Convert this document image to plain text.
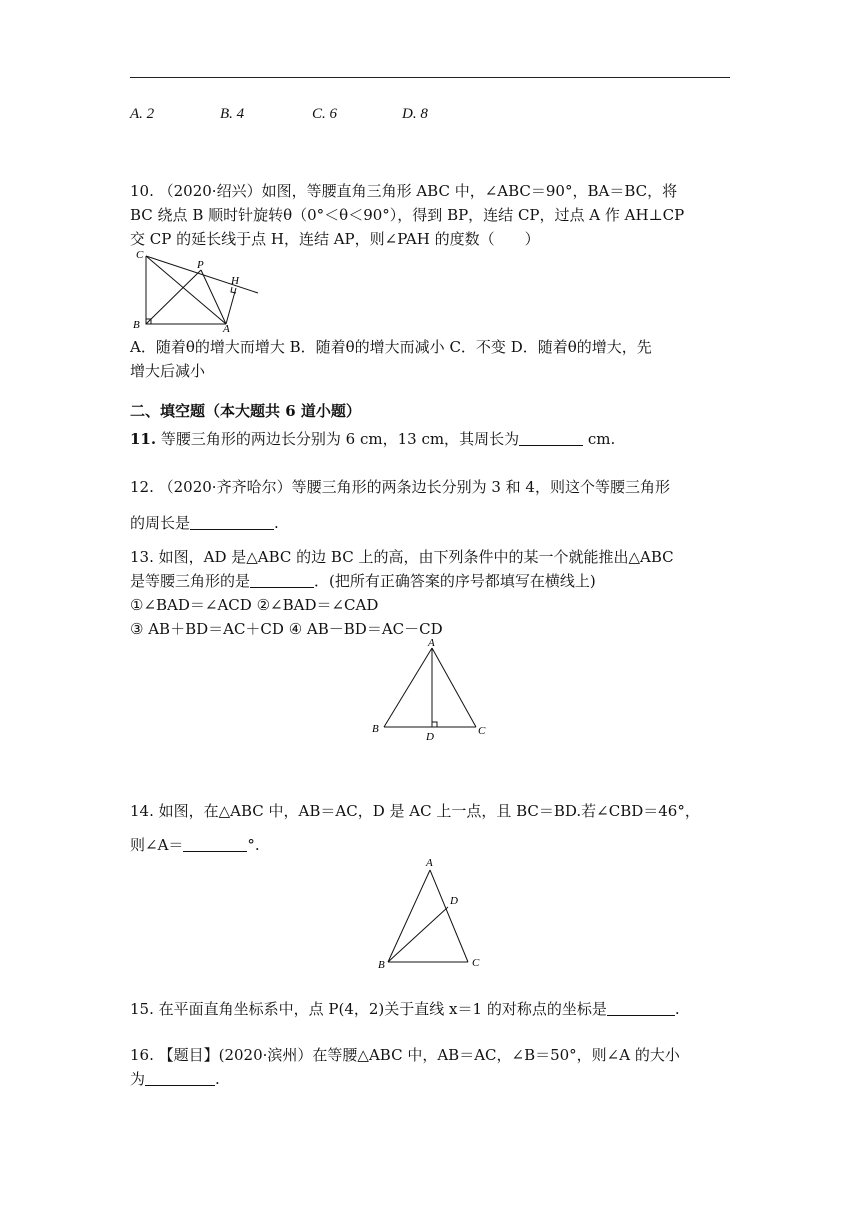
A. 2	B. 4	C. 6	D. 8
10. （2020·绍兴）如图，等腰直角三角形 ABC 中，∠ABC＝90°，BA＝BC，将
BC 绕点 B 顺时针旋转θ（0°＜θ＜90°），得到 BP，连结 CP，过点 A 作 AH⊥CP
交 CP 的延长线于点 H，连结 AP，则∠PAH 的度数（　　）
C
P
H
B	A
A．随着θ的增大而增大 B．随着θ的增大而减小 C．不变 D．随着θ的增大，先
增大后减小
二、填空题（本大题共 6 道小题）
11. 等腰三角形的两边长分别为 6 cm，13 cm，其周长为	cm.
12. （2020·齐齐哈尔）等腰三角形的两条边长分别为 3 和 4，则这个等腰三角形
的周长是	.
13. 如图，AD 是△ABC 的边 BC 上的高，由下列条件中的某一个就能推出△ABC
是等腰三角形的是	．(把所有正确答案的序号都填写在横线上)
①∠BAD＝∠ACD ②∠BAD＝∠CAD
③ AB＋BD＝AC＋CD ④ AB－BD＝AC－CD
A
B
D	C
14. 如图，在△ABC 中，AB＝AC，D 是 AC 上一点，且 BC＝BD.若∠CBD＝46°，
则∠A＝	°.
A
D
B	C
15. 在平面直角坐标系中，点 P(4，2)关于直线 x＝1 的对称点的坐标是	.
16. 【题目】(2020·滨州）在等腰△ABC 中，AB＝AC，∠B＝50°，则∠A 的大小
为	.
